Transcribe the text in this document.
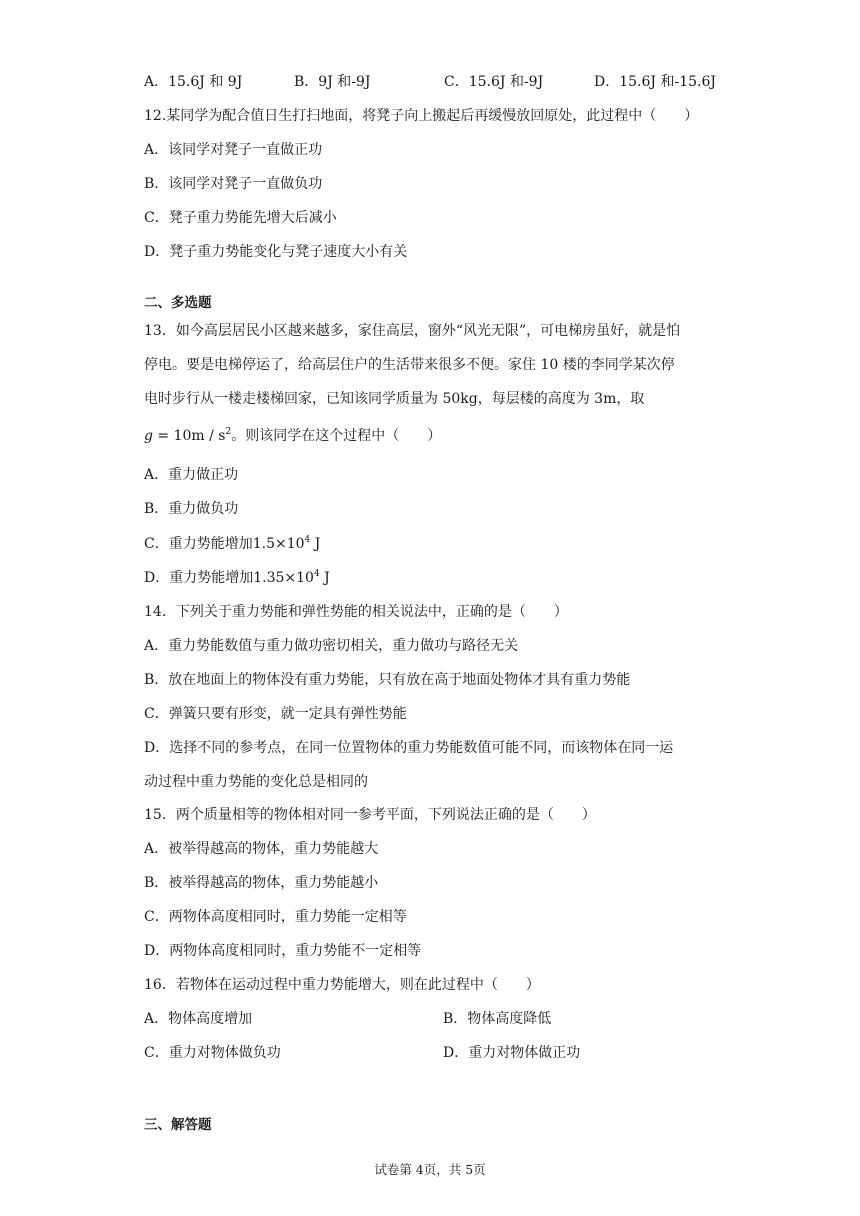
A．15.6J 和 9J	B．9J 和-9J	C．15.6J 和-9J	D．15.6J 和-15.6J
12.某同学为配合值日生打扫地面，将凳子向上搬起后再缓慢放回原处，此过程中（　　）
A．该同学对凳子一直做正功
B．该同学对凳子一直做负功
C．凳子重力势能先增大后减小
D．凳子重力势能变化与凳子速度大小有关
二、多选题
13．如今高层居民小区越来越多，家住高层，窗外“风光无限”，可电梯房虽好，就是怕
停电。要是电梯停运了，给高层住户的生活带来很多不便。家住 10 楼的李同学某次停
电时步行从一楼走楼梯回家，已知该同学质量为 50kg，每层楼的高度为 3m，取
$g = 10m / s^2$。则该同学在这个过程中（　　）
A．重力做正功
B．重力做负功
C．重力势能增加$1.5\times 10^4$ J
D．重力势能增加$1.35\times 10^4$ J
14．下列关于重力势能和弹性势能的相关说法中，正确的是（　　）
A．重力势能数值与重力做功密切相关，重力做功与路径无关
B．放在地面上的物体没有重力势能，只有放在高于地面处物体才具有重力势能
C．弹簧只要有形变，就一定具有弹性势能
D．选择不同的参考点，在同一位置物体的重力势能数值可能不同，而该物体在同一运
动过程中重力势能的变化总是相同的
15．两个质量相等的物体相对同一参考平面，下列说法正确的是（　　）
A．被举得越高的物体，重力势能越大
B．被举得越高的物体，重力势能越小
C．两物体高度相同时，重力势能一定相等
D．两物体高度相同时，重力势能不一定相等
16．若物体在运动过程中重力势能增大，则在此过程中（　　）
A．物体高度增加	B．物体高度降低
C．重力对物体做负功	D．重力对物体做正功
三、解答题
试卷第 4页，共 5页
